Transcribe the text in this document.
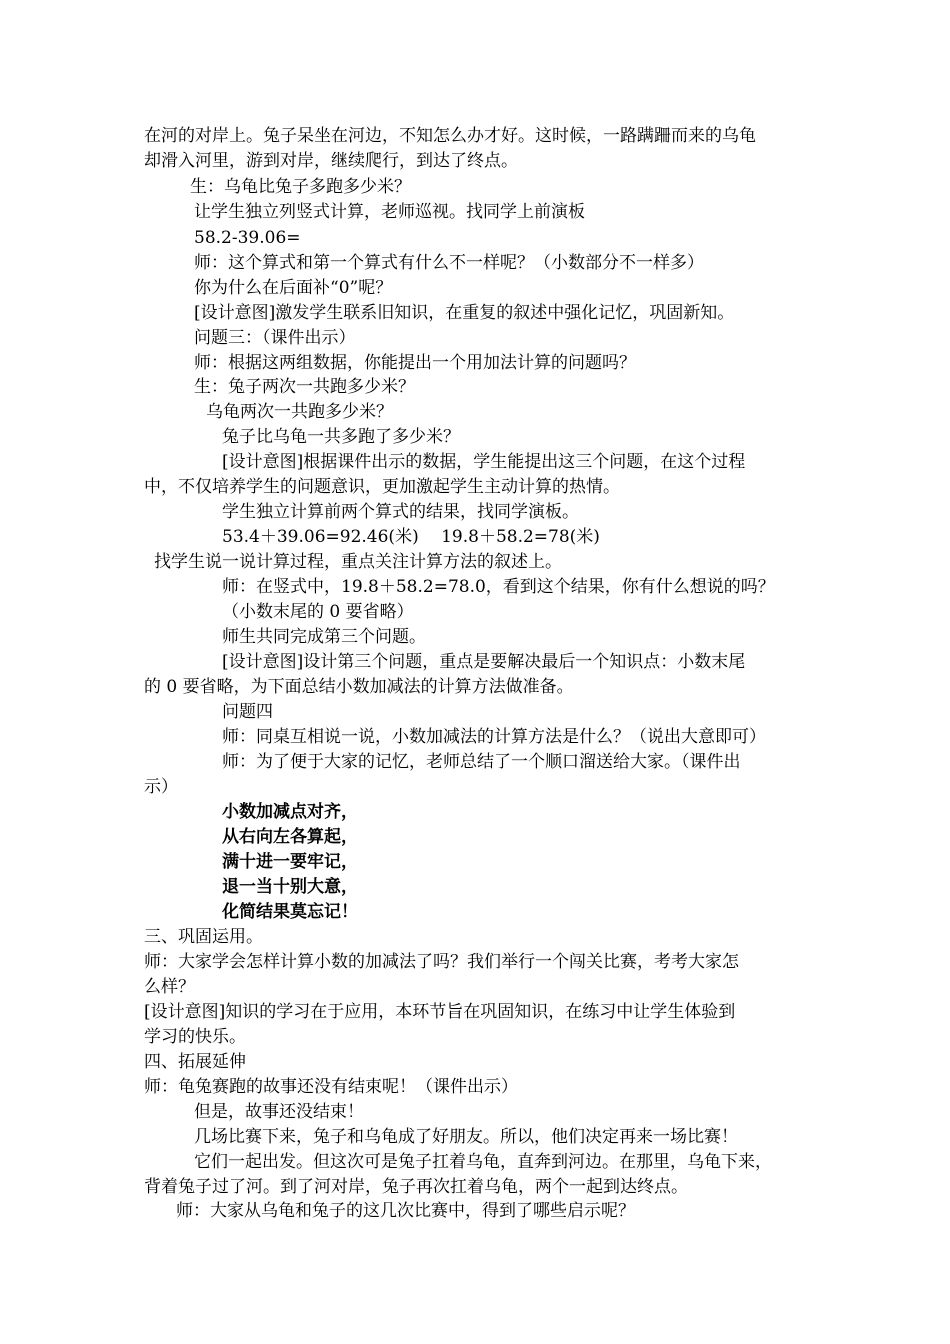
在河的对岸上。兔子呆坐在河边，不知怎么办才好。这时候，一路蹒跚而来的乌龟
却滑入河里，游到对岸，继续爬行，到达了终点。
生：乌龟比兔子多跑多少米？
让学生独立列竖式计算，老师巡视。找同学上前演板
58.2-39.06=
师：这个算式和第一个算式有什么不一样呢？（小数部分不一样多）
你为什么在后面补“0”呢？
[设计意图]激发学生联系旧知识，在重复的叙述中强化记忆，巩固新知。
问题三：（课件出示）
师：根据这两组数据，你能提出一个用加法计算的问题吗？
生：兔子两次一共跑多少米？
乌龟两次一共跑多少米？
兔子比乌龟一共多跑了多少米？
[设计意图]根据课件出示的数据，学生能提出这三个问题，在这个过程
中，不仅培养学生的问题意识，更加激起学生主动计算的热情。
学生独立计算前两个算式的结果，找同学演板。
53.4＋39.06=92.46(米)　 19.8＋58.2=78(米)
找学生说一说计算过程，重点关注计算方法的叙述上。
师：在竖式中，19.8＋58.2=78.0，看到这个结果，你有什么想说的吗？
（小数末尾的 0 要省略）
师生共同完成第三个问题。
[设计意图]设计第三个问题，重点是要解决最后一个知识点：小数末尾
的 0 要省略，为下面总结小数加减法的计算方法做准备。
问题四
师：同桌互相说一说，小数加减法的计算方法是什么？（说出大意即可）
师：为了便于大家的记忆，老师总结了一个顺口溜送给大家。（课件出
示）
小数加减点对齐，
从右向左各算起，
满十进一要牢记，
退一当十别大意，
化简结果莫忘记！
三、巩固运用。
师：大家学会怎样计算小数的加减法了吗？我们举行一个闯关比赛，考考大家怎
么样？
[设计意图]知识的学习在于应用，本环节旨在巩固知识，在练习中让学生体验到
学习的快乐。
四、拓展延伸
师：龟兔赛跑的故事还没有结束呢！（课件出示）
但是，故事还没结束！
几场比赛下来，兔子和乌龟成了好朋友。所以，他们决定再来一场比赛！
它们一起出发。但这次可是兔子扛着乌龟，直奔到河边。在那里，乌龟下来，
背着兔子过了河。到了河对岸，兔子再次扛着乌龟，两个一起到达终点。
师：大家从乌龟和兔子的这几次比赛中，得到了哪些启示呢？
